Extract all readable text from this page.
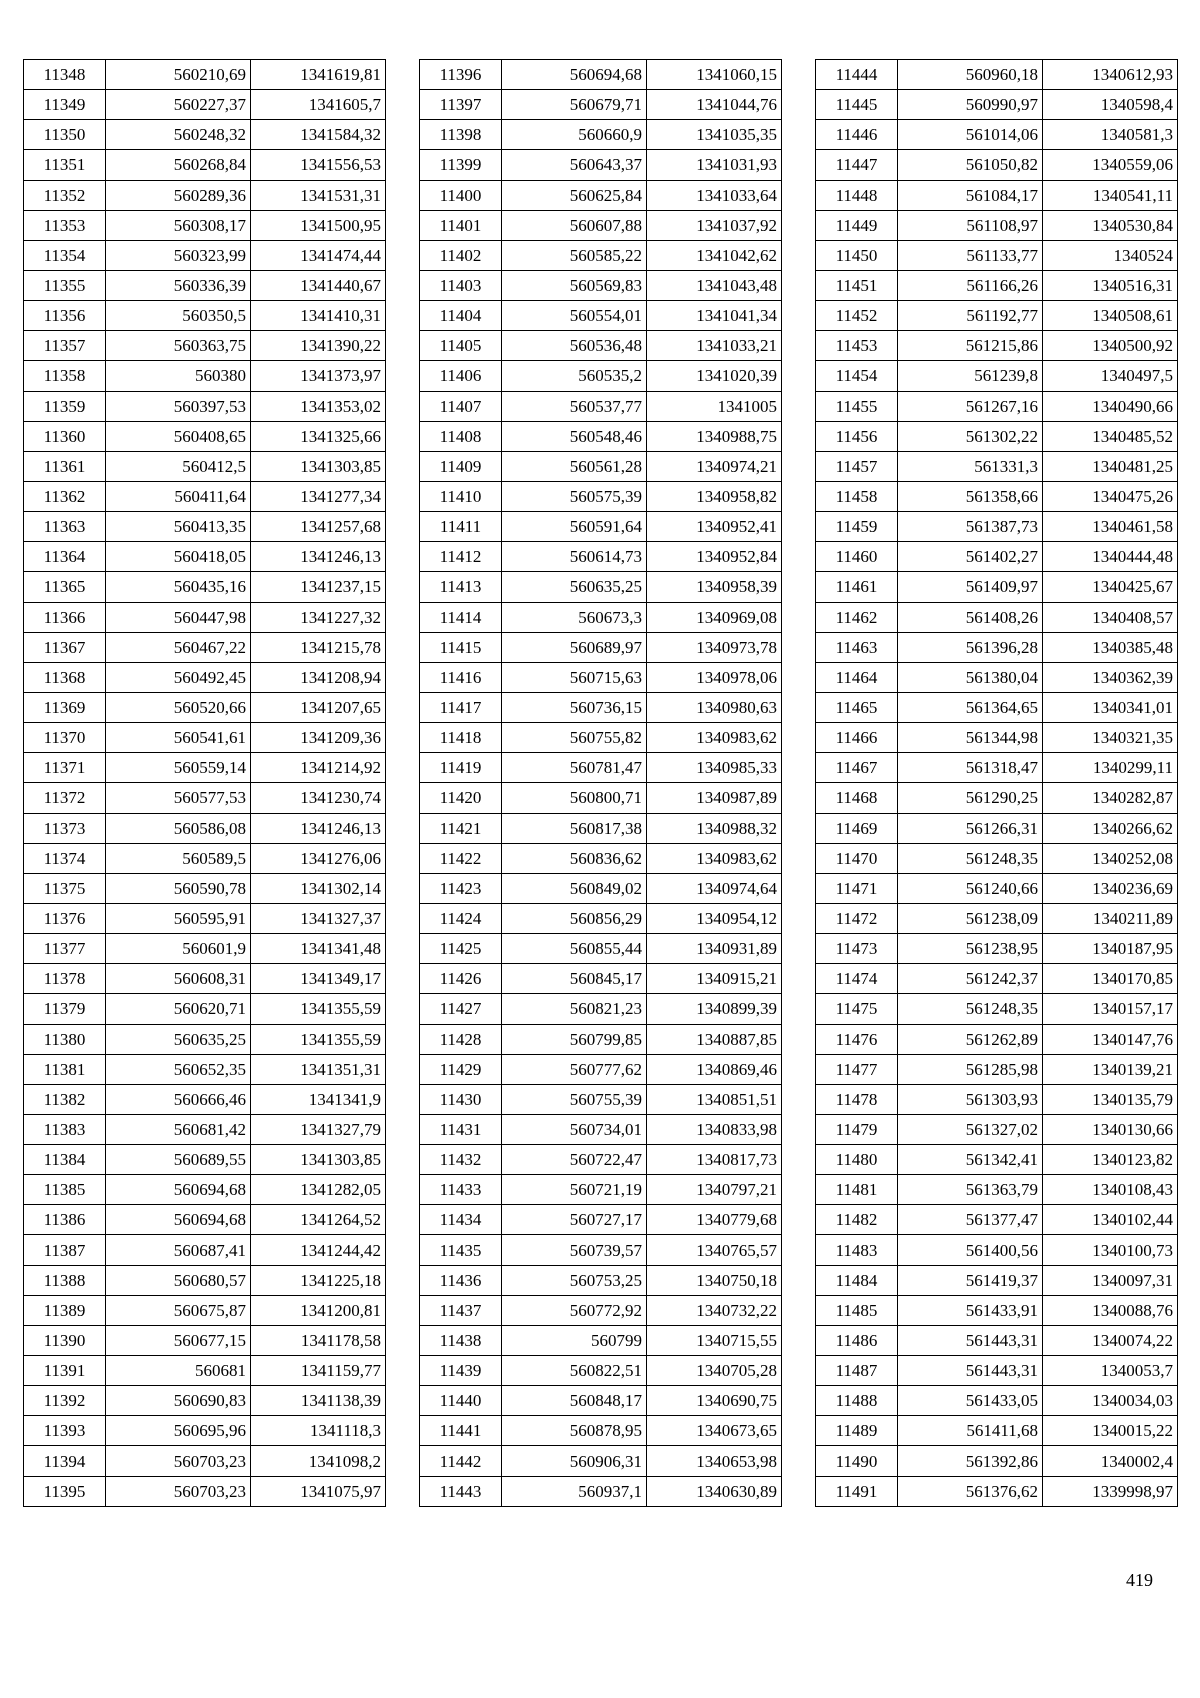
11348	560210,69	1341619,81
11349	560227,37	1341605,7
11350	560248,32	1341584,32
11351	560268,84	1341556,53
11352	560289,36	1341531,31
11353	560308,17	1341500,95
11354	560323,99	1341474,44
11355	560336,39	1341440,67
11356	560350,5	1341410,31
11357	560363,75	1341390,22
11358	560380	1341373,97
11359	560397,53	1341353,02
11360	560408,65	1341325,66
11361	560412,5	1341303,85
11362	560411,64	1341277,34
11363	560413,35	1341257,68
11364	560418,05	1341246,13
11365	560435,16	1341237,15
11366	560447,98	1341227,32
11367	560467,22	1341215,78
11368	560492,45	1341208,94
11369	560520,66	1341207,65
11370	560541,61	1341209,36
11371	560559,14	1341214,92
11372	560577,53	1341230,74
11373	560586,08	1341246,13
11374	560589,5	1341276,06
11375	560590,78	1341302,14
11376	560595,91	1341327,37
11377	560601,9	1341341,48
11378	560608,31	1341349,17
11379	560620,71	1341355,59
11380	560635,25	1341355,59
11381	560652,35	1341351,31
11382	560666,46	1341341,9
11383	560681,42	1341327,79
11384	560689,55	1341303,85
11385	560694,68	1341282,05
11386	560694,68	1341264,52
11387	560687,41	1341244,42
11388	560680,57	1341225,18
11389	560675,87	1341200,81
11390	560677,15	1341178,58
11391	560681	1341159,77
11392	560690,83	1341138,39
11393	560695,96	1341118,3
11394	560703,23	1341098,2
11395	560703,23	1341075,97
11396	560694,68	1341060,15
11397	560679,71	1341044,76
11398	560660,9	1341035,35
11399	560643,37	1341031,93
11400	560625,84	1341033,64
11401	560607,88	1341037,92
11402	560585,22	1341042,62
11403	560569,83	1341043,48
11404	560554,01	1341041,34
11405	560536,48	1341033,21
11406	560535,2	1341020,39
11407	560537,77	1341005
11408	560548,46	1340988,75
11409	560561,28	1340974,21
11410	560575,39	1340958,82
11411	560591,64	1340952,41
11412	560614,73	1340952,84
11413	560635,25	1340958,39
11414	560673,3	1340969,08
11415	560689,97	1340973,78
11416	560715,63	1340978,06
11417	560736,15	1340980,63
11418	560755,82	1340983,62
11419	560781,47	1340985,33
11420	560800,71	1340987,89
11421	560817,38	1340988,32
11422	560836,62	1340983,62
11423	560849,02	1340974,64
11424	560856,29	1340954,12
11425	560855,44	1340931,89
11426	560845,17	1340915,21
11427	560821,23	1340899,39
11428	560799,85	1340887,85
11429	560777,62	1340869,46
11430	560755,39	1340851,51
11431	560734,01	1340833,98
11432	560722,47	1340817,73
11433	560721,19	1340797,21
11434	560727,17	1340779,68
11435	560739,57	1340765,57
11436	560753,25	1340750,18
11437	560772,92	1340732,22
11438	560799	1340715,55
11439	560822,51	1340705,28
11440	560848,17	1340690,75
11441	560878,95	1340673,65
11442	560906,31	1340653,98
11443	560937,1	1340630,89
11444	560960,18	1340612,93
11445	560990,97	1340598,4
11446	561014,06	1340581,3
11447	561050,82	1340559,06
11448	561084,17	1340541,11
11449	561108,97	1340530,84
11450	561133,77	1340524
11451	561166,26	1340516,31
11452	561192,77	1340508,61
11453	561215,86	1340500,92
11454	561239,8	1340497,5
11455	561267,16	1340490,66
11456	561302,22	1340485,52
11457	561331,3	1340481,25
11458	561358,66	1340475,26
11459	561387,73	1340461,58
11460	561402,27	1340444,48
11461	561409,97	1340425,67
11462	561408,26	1340408,57
11463	561396,28	1340385,48
11464	561380,04	1340362,39
11465	561364,65	1340341,01
11466	561344,98	1340321,35
11467	561318,47	1340299,11
11468	561290,25	1340282,87
11469	561266,31	1340266,62
11470	561248,35	1340252,08
11471	561240,66	1340236,69
11472	561238,09	1340211,89
11473	561238,95	1340187,95
11474	561242,37	1340170,85
11475	561248,35	1340157,17
11476	561262,89	1340147,76
11477	561285,98	1340139,21
11478	561303,93	1340135,79
11479	561327,02	1340130,66
11480	561342,41	1340123,82
11481	561363,79	1340108,43
11482	561377,47	1340102,44
11483	561400,56	1340100,73
11484	561419,37	1340097,31
11485	561433,91	1340088,76
11486	561443,31	1340074,22
11487	561443,31	1340053,7
11488	561433,05	1340034,03
11489	561411,68	1340015,22
11490	561392,86	1340002,4
11491	561376,62	1339998,97
419
